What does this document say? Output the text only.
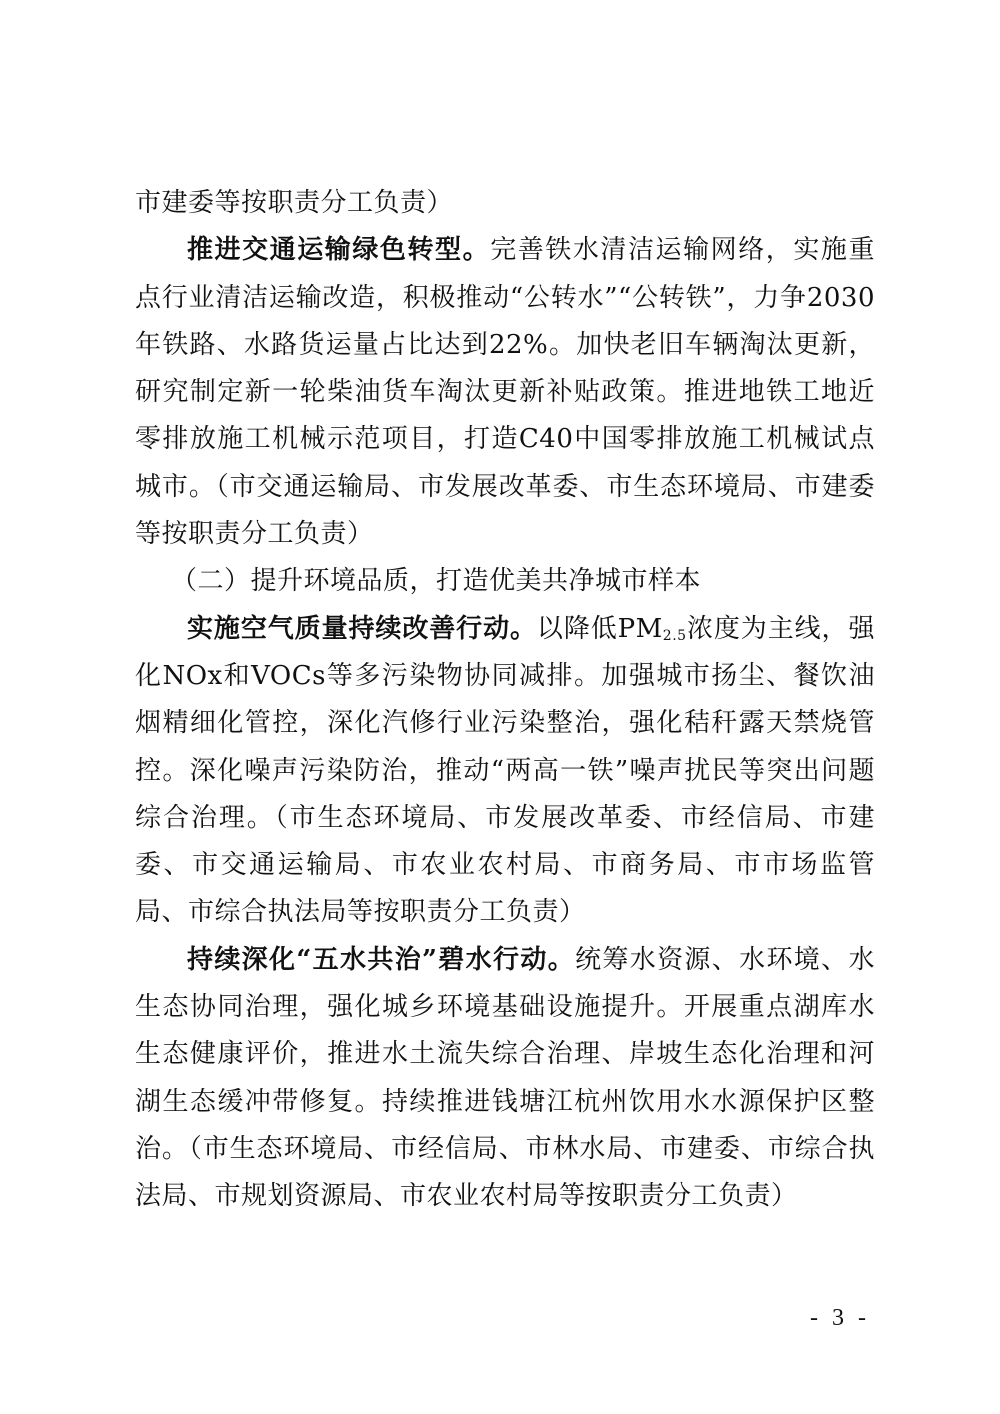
市建委等按职责分工负责）

推进交通运输绿色转型。完善铁水清洁运输网络，实施重点行业清洁运输改造，积极推动“公转水”“公转铁”，力争2030年铁路、水路货运量占比达到22%。加快老旧车辆淘汰更新，研究制定新一轮柴油货车淘汰更新补贴政策。推进地铁工地近零排放施工机械示范项目，打造C40中国零排放施工机械试点城市。（市交通运输局、市发展改革委、市生态环境局、市建委等按职责分工负责）

（二）提升环境品质，打造优美共净城市样本

实施空气质量持续改善行动。以降低$PM_{2.5}$浓度为主线，强化NOx和VOCs等多污染物协同减排。加强城市扬尘、餐饮油烟精细化管控，深化汽修行业污染整治，强化秸秆露天禁烧管控。深化噪声污染防治，推动“两高一铁”噪声扰民等突出问题综合治理。（市生态环境局、市发展改革委、市经信局、市建委、市交通运输局、市农业农村局、市商务局、市市场监管局、市综合执法局等按职责分工负责）

持续深化“五水共治”碧水行动。统筹水资源、水环境、水生态协同治理，强化城乡环境基础设施提升。开展重点湖库水生态健康评价，推进水土流失综合治理、岸坡生态化治理和河湖生态缓冲带修复。持续推进钱塘江杭州饮用水水源保护区整治。（市生态环境局、市经信局、市林水局、市建委、市综合执法局、市规划资源局、市农业农村局等按职责分工负责）

- 3 -
